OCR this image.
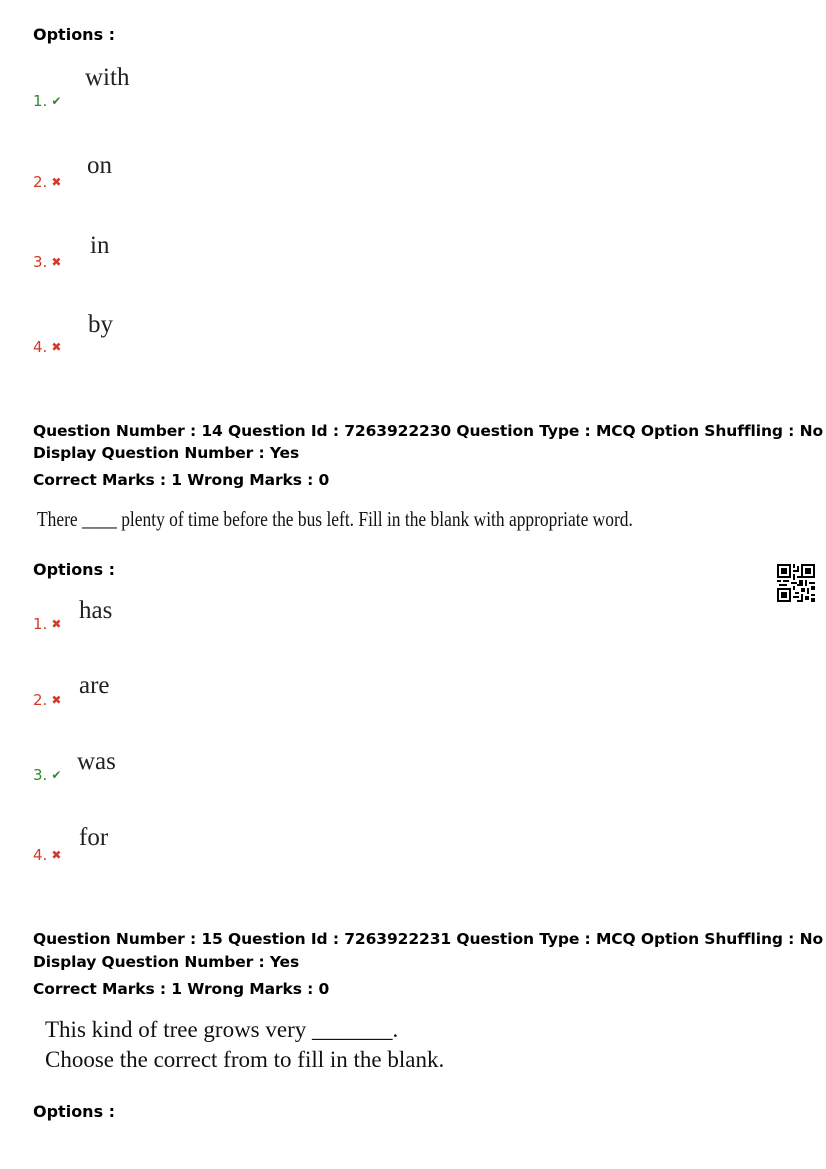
Options :
with
1. ✔
on
2. ✖
in
3. ✖
by
4. ✖
Question Number : 14 Question Id : 7263922230 Question Type : MCQ Option Shuffling : No
Display Question Number : Yes
Correct Marks : 1 Wrong Marks : 0
There ____ plenty of time before the bus left. Fill in the blank with appropriate word.
Options :
has
1. ✖
are
2. ✖
was
3. ✔
for
4. ✖
Question Number : 15 Question Id : 7263922231 Question Type : MCQ Option Shuffling : No
Display Question Number : Yes
Correct Marks : 1 Wrong Marks : 0
This kind of tree grows very _______.
Choose the correct from to fill in the blank.
Options :
